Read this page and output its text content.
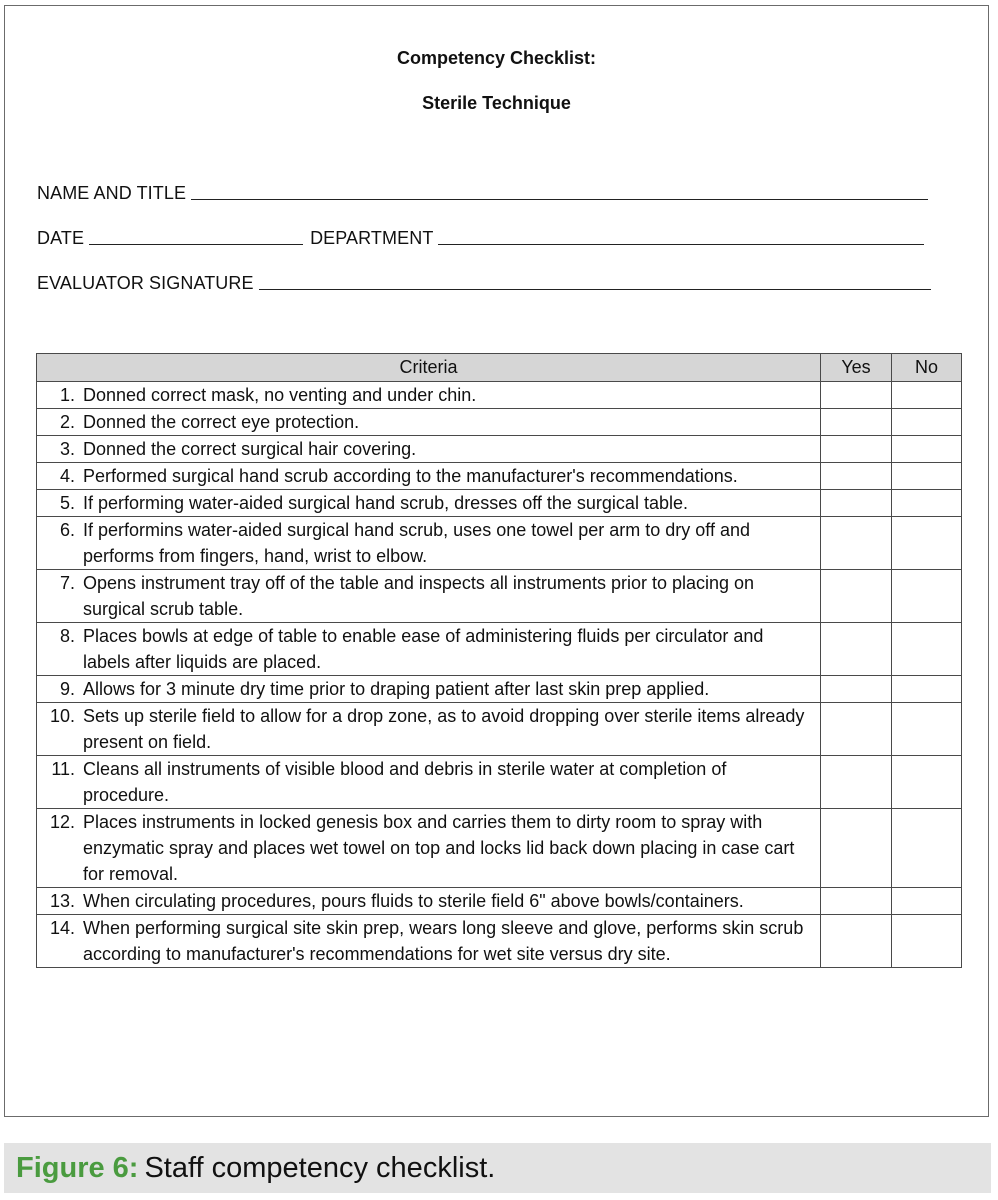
Competency Checklist:
Sterile Technique
NAME AND TITLE
DATE	DEPARTMENT
EVALUATOR SIGNATURE
Criteria	Yes	No

1. Donned correct mask, no venting and under chin.		

2. Donned the correct eye protection.		

3. Donned the correct surgical hair covering.		

4. Performed surgical hand scrub according to the manufacturer's recommendations.		

5. If performing water-aided surgical hand scrub, dresses off the surgical table.		

6. If performins water-aided surgical hand scrub, uses one towel per arm to dry off and performs from fingers, hand, wrist to elbow.		

7. Opens instrument tray off of the table and inspects all instruments prior to placing on surgical scrub table.		

8. Places bowls at edge of table to enable ease of administering fluids per circulator and labels after liquids are placed.		

9. Allows for 3 minute dry time prior to draping patient after last skin prep applied.		

10. Sets up sterile field to allow for a drop zone, as to avoid dropping over sterile items already present on field.		

11. Cleans all instruments of visible blood and debris in sterile water at completion of procedure.		

12. Places instruments in locked genesis box and carries them to dirty room to spray with enzymatic spray and places wet towel on top and locks lid back down placing in case cart for removal.		

13. When circulating procedures, pours fluids to sterile field 6" above bowls/containers.		

14. When performing surgical site skin prep, wears long sleeve and glove, performs skin scrub according to manufacturer's recommendations for wet site versus dry site.		

Figure 6: Staff competency checklist.
